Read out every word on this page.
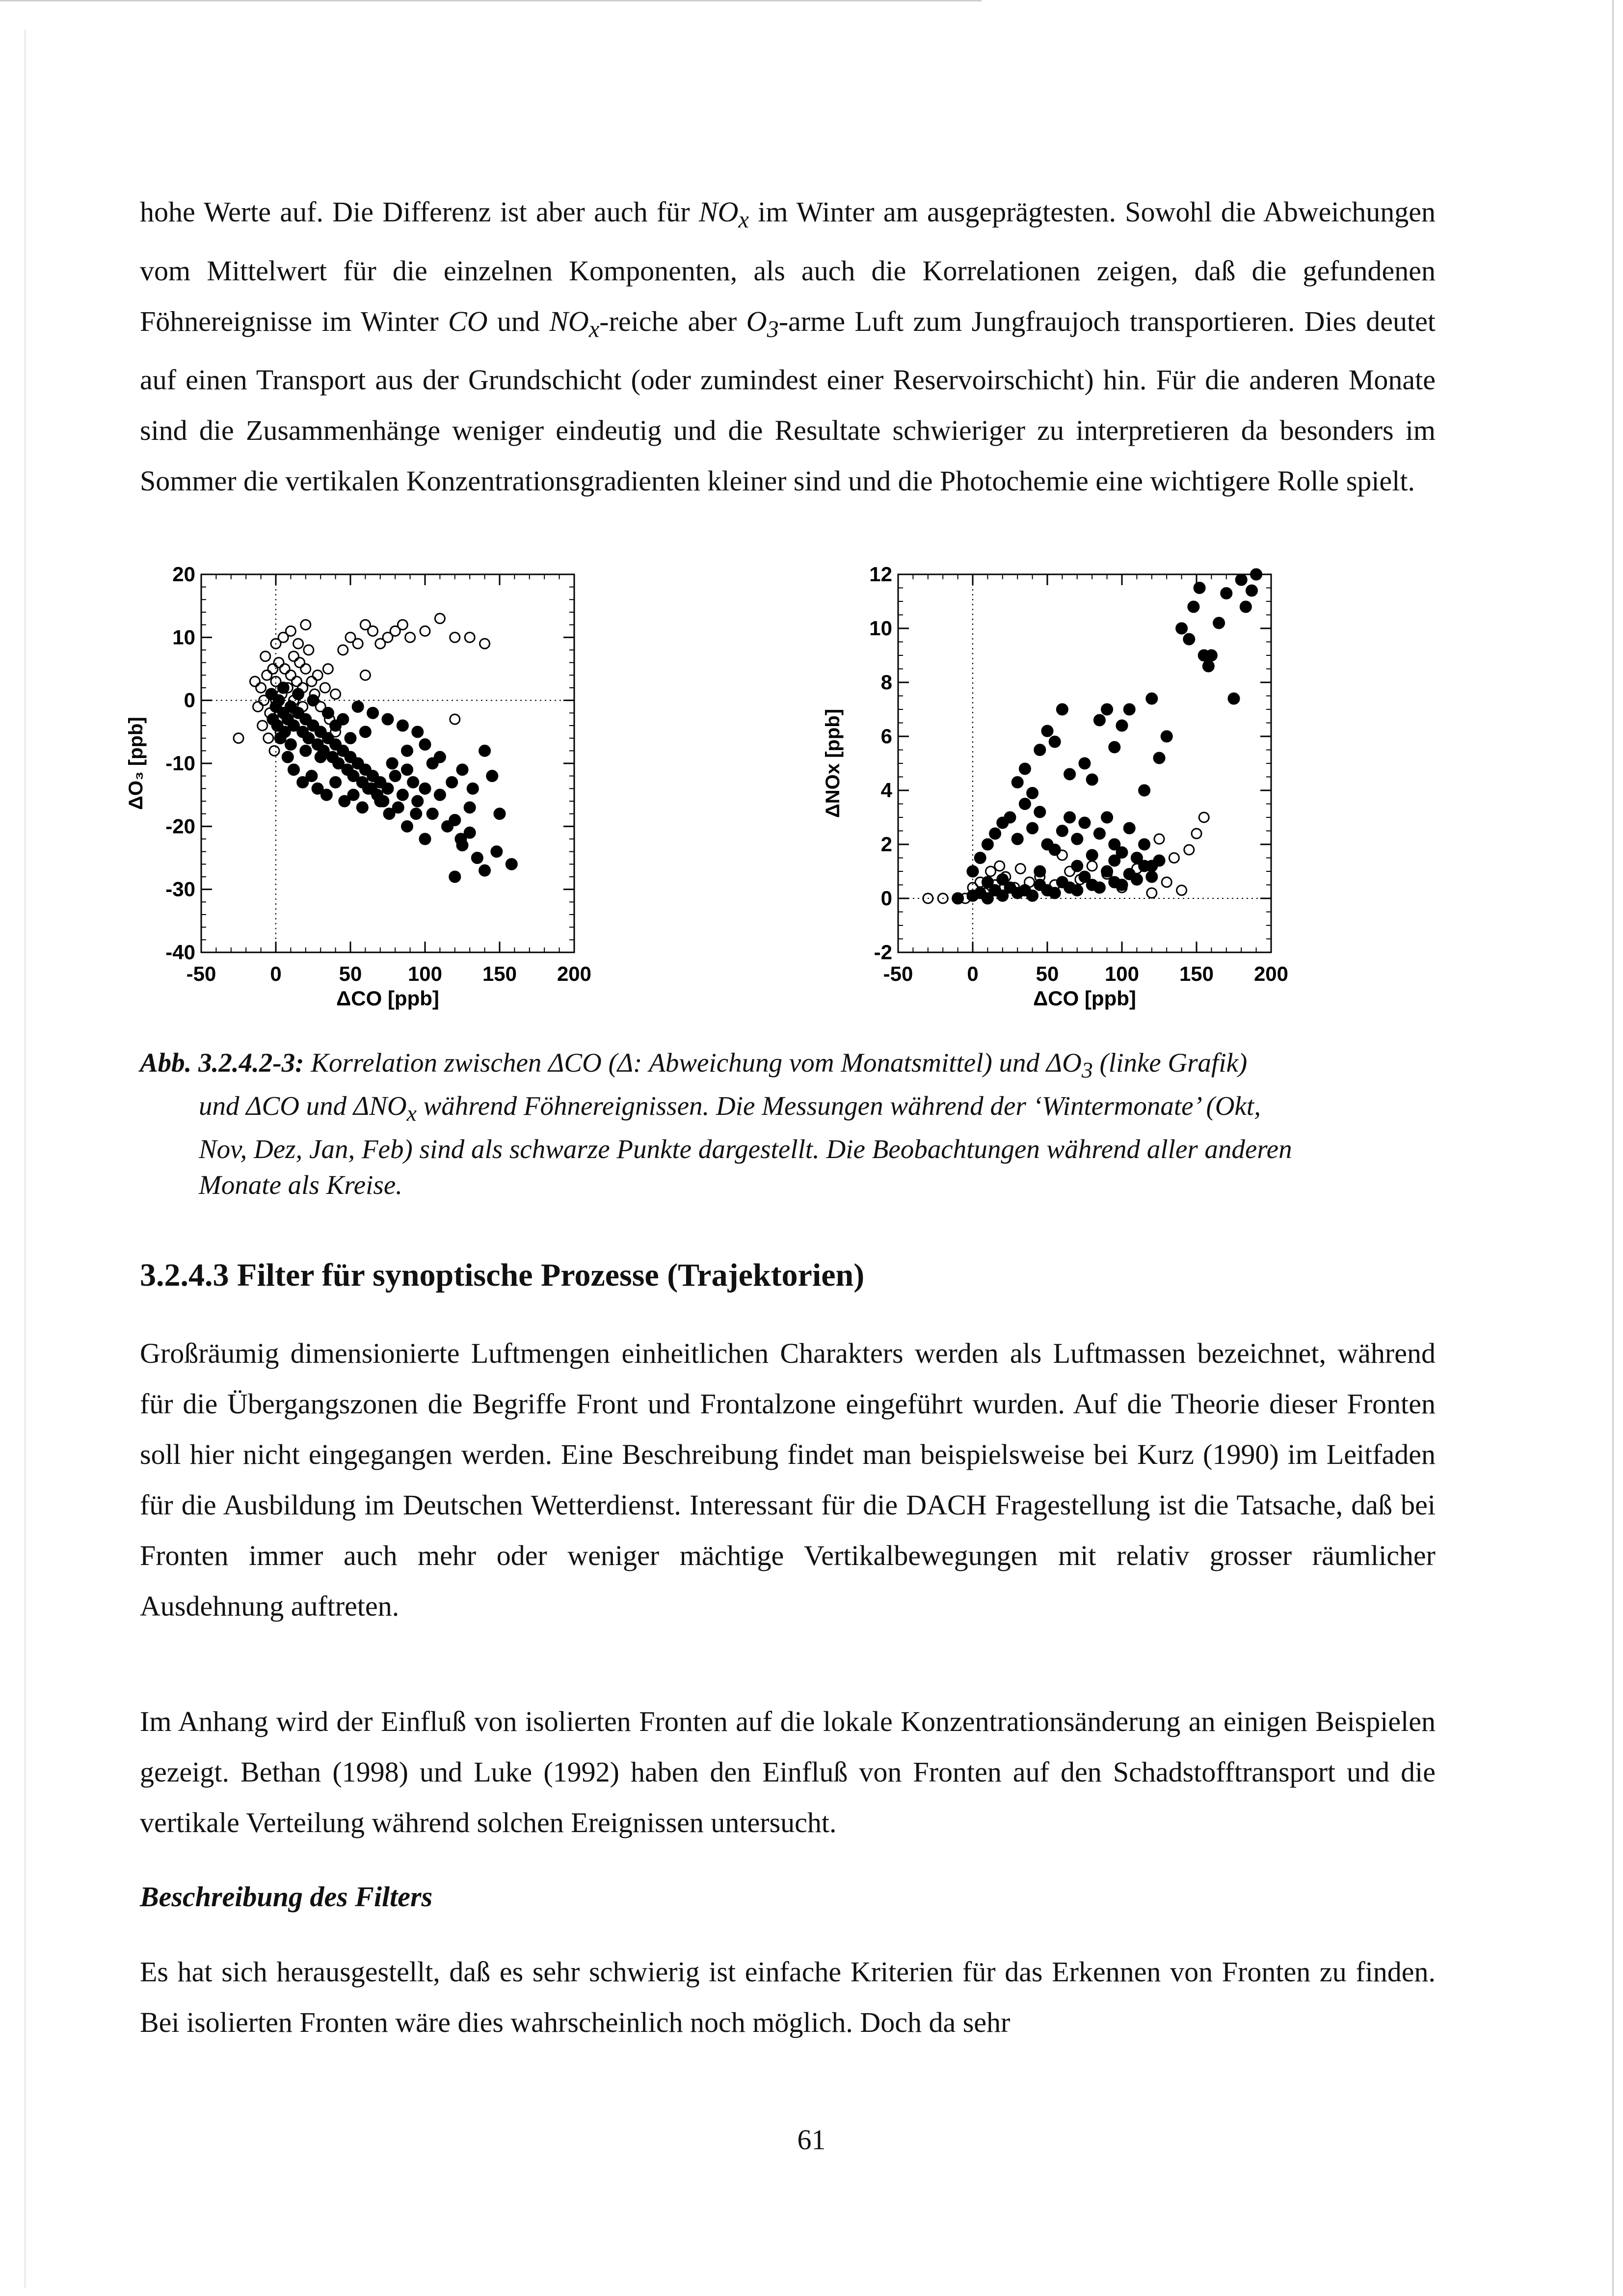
hohe Werte auf. Die Differenz ist aber auch für $NO_x$ im Winter am ausgeprägtesten. Sowohl die Abweichungen vom Mittelwert für die einzelnen Komponenten, als auch die Korrelationen zeigen, daß die gefundenen Föhnereignisse im Winter CO und $NO_x$-reiche aber $O_3$-arme Luft zum Jungfraujoch transportieren. Dies deutet auf einen Transport aus der Grundschicht (oder zumindest einer Reservoirschicht) hin. Für die anderen Monate sind die Zusammenhänge weniger eindeutig und die Resultate schwieriger zu interpretieren da besonders im Sommer die vertikalen Konzentrationsgradienten kleiner sind und die Photochemie eine wichtigere Rolle spielt.

-50	0	50 100 150 200
-40
-30
-20
-10
0
10
20
ΔCO [ppb]
ΔO₃ [ppb]
-50	0	50 100 150 200
-2
0
2
4
6
8
10
12
ΔCO [ppb]
ΔNOx [ppb]

Abb. 3.2.4.2-3: Korrelation zwischen ΔCO (Δ: Abweichung vom Monatsmittel) und $\Delta O_3$ (linke Grafik)
und ΔCO und $\Delta NO_x$ während Föhnereignissen. Die Messungen während der ‘Wintermonate’ (Okt,
Nov, Dez, Jan, Feb) sind als schwarze Punkte dargestellt. Die Beobachtungen während aller anderen
Monate als Kreise.

3.2.4.3 Filter für synoptische Prozesse (Trajektorien)

Großräumig dimensionierte Luftmengen einheitlichen Charakters werden als Luftmassen bezeichnet, während für die Übergangszonen die Begriffe Front und Frontalzone eingeführt wurden. Auf die Theorie dieser Fronten soll hier nicht eingegangen werden. Eine Beschreibung findet man beispielsweise bei Kurz (1990) im Leitfaden für die Ausbildung im Deutschen Wetterdienst. Interessant für die DACH Fragestellung ist die Tatsache, daß bei Fronten immer auch mehr oder weniger mächtige Vertikalbewegungen mit relativ grosser räumlicher Ausdehnung auftreten.

Im Anhang wird der Einfluß von isolierten Fronten auf die lokale Konzentrationsänderung an einigen Beispielen gezeigt. Bethan (1998) und Luke (1992) haben den Einfluß von Fronten auf den Schadstofftransport und die vertikale Verteilung während solchen Ereignissen untersucht.

Beschreibung des Filters

Es hat sich herausgestellt, daß es sehr schwierig ist einfache Kriterien für das Erkennen von Fronten zu finden. Bei isolierten Fronten wäre dies wahrscheinlich noch möglich. Doch da sehr

61
